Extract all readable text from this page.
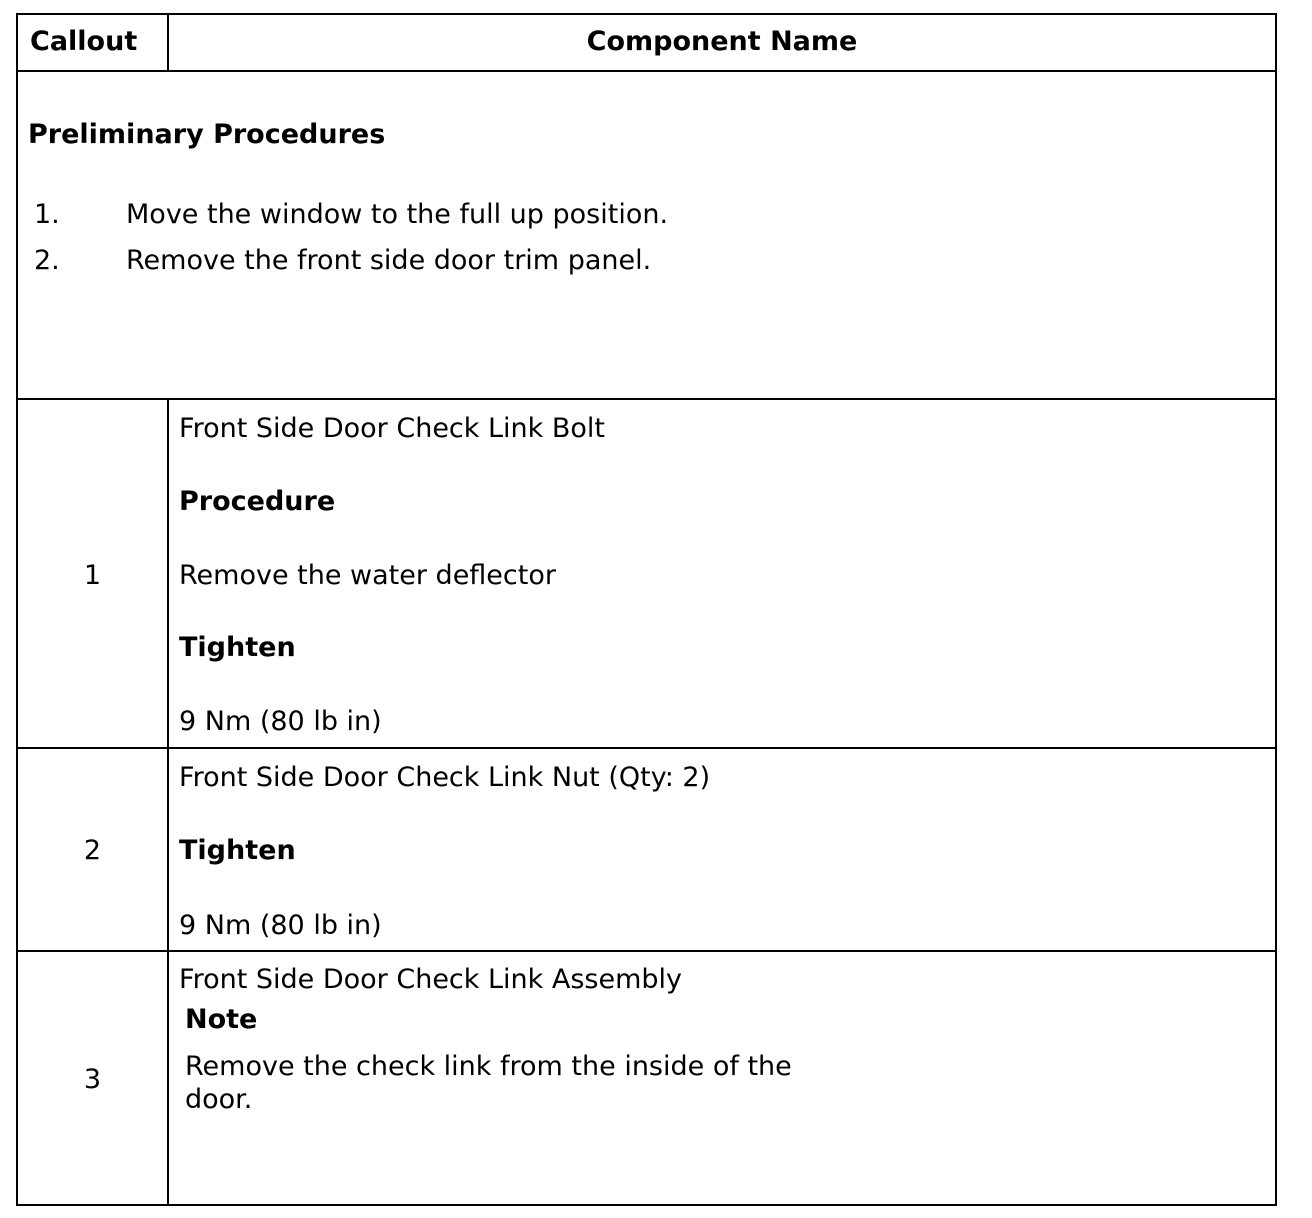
Callout	Component Name
Preliminary Procedures
1. Move the window to the full up position.
2. Remove the front side door trim panel.
1
Front Side Door Check Link Bolt
Procedure
Remove the water deflector
Tighten
9 Nm (80 lb in)
2
Front Side Door Check Link Nut (Qty: 2)
Tighten
9 Nm (80 lb in)
3
Front Side Door Check Link Assembly
Note
Remove the check link from the inside of the
door.
